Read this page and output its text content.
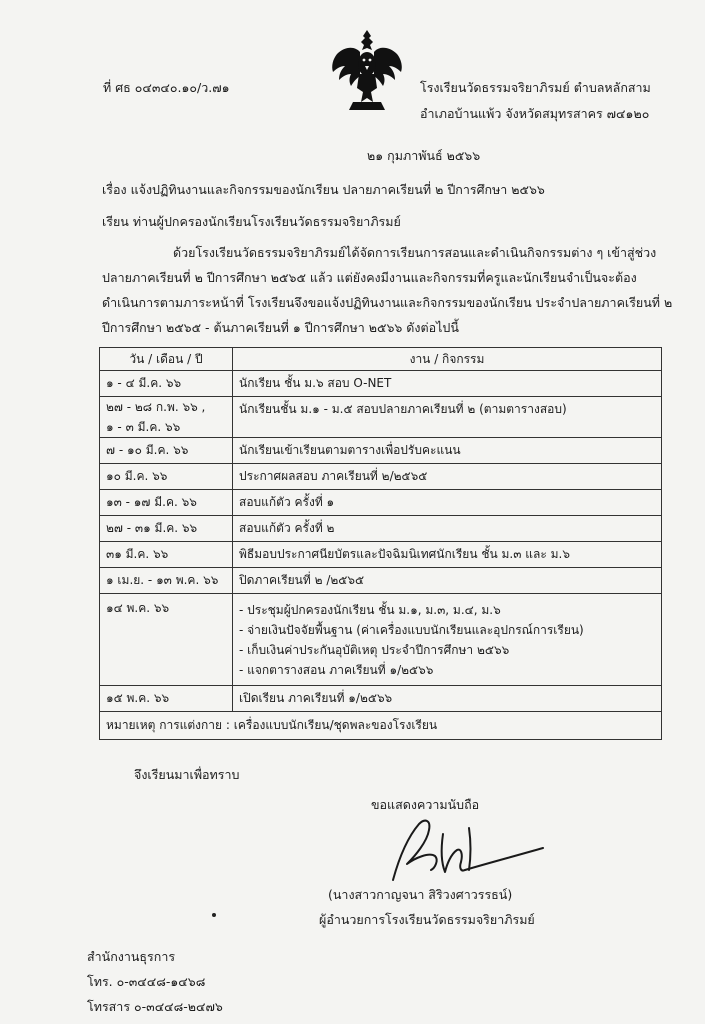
ที่ ศธ ๐๔๓๔๐.๑๐/ว.๗๑	โรงเรียนวัดธรรมจริยาภิรมย์ ตำบลหลักสาม
อำเภอบ้านแพ้ว จังหวัดสมุทรสาคร ๗๔๑๒๐
๒๑ กุมภาพันธ์ ๒๕๖๖
เรื่อง แจ้งปฏิทินงานและกิจกรรมของนักเรียน ปลายภาคเรียนที่ ๒ ปีการศึกษา ๒๕๖๖
เรียน ท่านผู้ปกครองนักเรียนโรงเรียนวัดธรรมจริยาภิรมย์
ด้วยโรงเรียนวัดธรรมจริยาภิรมย์ได้จัดการเรียนการสอนและดำเนินกิจกรรมต่าง ๆ เข้าสู่ช่วง
ปลายภาคเรียนที่ ๒ ปีการศึกษา ๒๕๖๕ แล้ว แต่ยังคงมีงานและกิจกรรมที่ครูและนักเรียนจำเป็นจะต้อง
ดำเนินการตามภาระหน้าที่ โรงเรียนจึงขอแจ้งปฏิทินงานและกิจกรรมของนักเรียน ประจำปลายภาคเรียนที่ ๒
ปีการศึกษา ๒๕๖๕ - ต้นภาคเรียนที่ ๑ ปีการศึกษา ๒๕๖๖ ดังต่อไปนี้
วัน / เดือน / ปี	งาน / กิจกรรม
๑ - ๔ มี.ค. ๖๖	นักเรียน ชั้น ม.๖ สอบ O-NET

๒๗ - ๒๘ ก.พ. ๖๖ ,
๑ - ๓ มี.ค. ๖๖	นักเรียนชั้น ม.๑ - ม.๕ สอบปลายภาคเรียนที่ ๒ (ตามตารางสอบ)
๗ - ๑๐ มี.ค. ๖๖	นักเรียนเข้าเรียนตามตารางเพื่อปรับคะแนน
๑๐ มี.ค. ๖๖	ประกาศผลสอบ ภาคเรียนที่ ๒/๒๕๖๕
๑๓ - ๑๗ มี.ค. ๖๖	สอบแก้ตัว ครั้งที่ ๑
๒๗ - ๓๑ มี.ค. ๖๖	สอบแก้ตัว ครั้งที่ ๒
๓๑ มี.ค. ๖๖	พิธีมอบประกาศนียบัตรและปัจฉิมนิเทศนักเรียน ชั้น ม.๓ และ ม.๖
๑ เม.ย. - ๑๓ พ.ค. ๖๖	ปิดภาคเรียนที่ ๒ /๒๕๖๕
๑๔ พ.ค. ๖๖	- ประชุมผู้ปกครองนักเรียน ชั้น ม.๑, ม.๓, ม.๔, ม.๖
- จ่ายเงินปัจจัยพื้นฐาน (ค่าเครื่องแบบนักเรียนและอุปกรณ์การเรียน)
- เก็บเงินค่าประกันอุบัติเหตุ ประจำปีการศึกษา ๒๕๖๖
- แจกตารางสอน ภาคเรียนที่ ๑/๒๕๖๖

๑๕ พ.ค. ๖๖	เปิดเรียน ภาคเรียนที่ ๑/๒๕๖๖
หมายเหตุ การแต่งกาย : เครื่องแบบนักเรียน/ชุดพละของโรงเรียน	
จึงเรียนมาเพื่อทราบ
ขอแสดงความนับถือ
(นางสาวกาญจนา สิริวงศาวรรธน์)
ผู้อำนวยการโรงเรียนวัดธรรมจริยาภิรมย์
สำนักงานธุรการ
โทร. ๐-๓๔๔๘-๑๔๖๘
โทรสาร ๐-๓๔๔๘-๒๔๗๖
